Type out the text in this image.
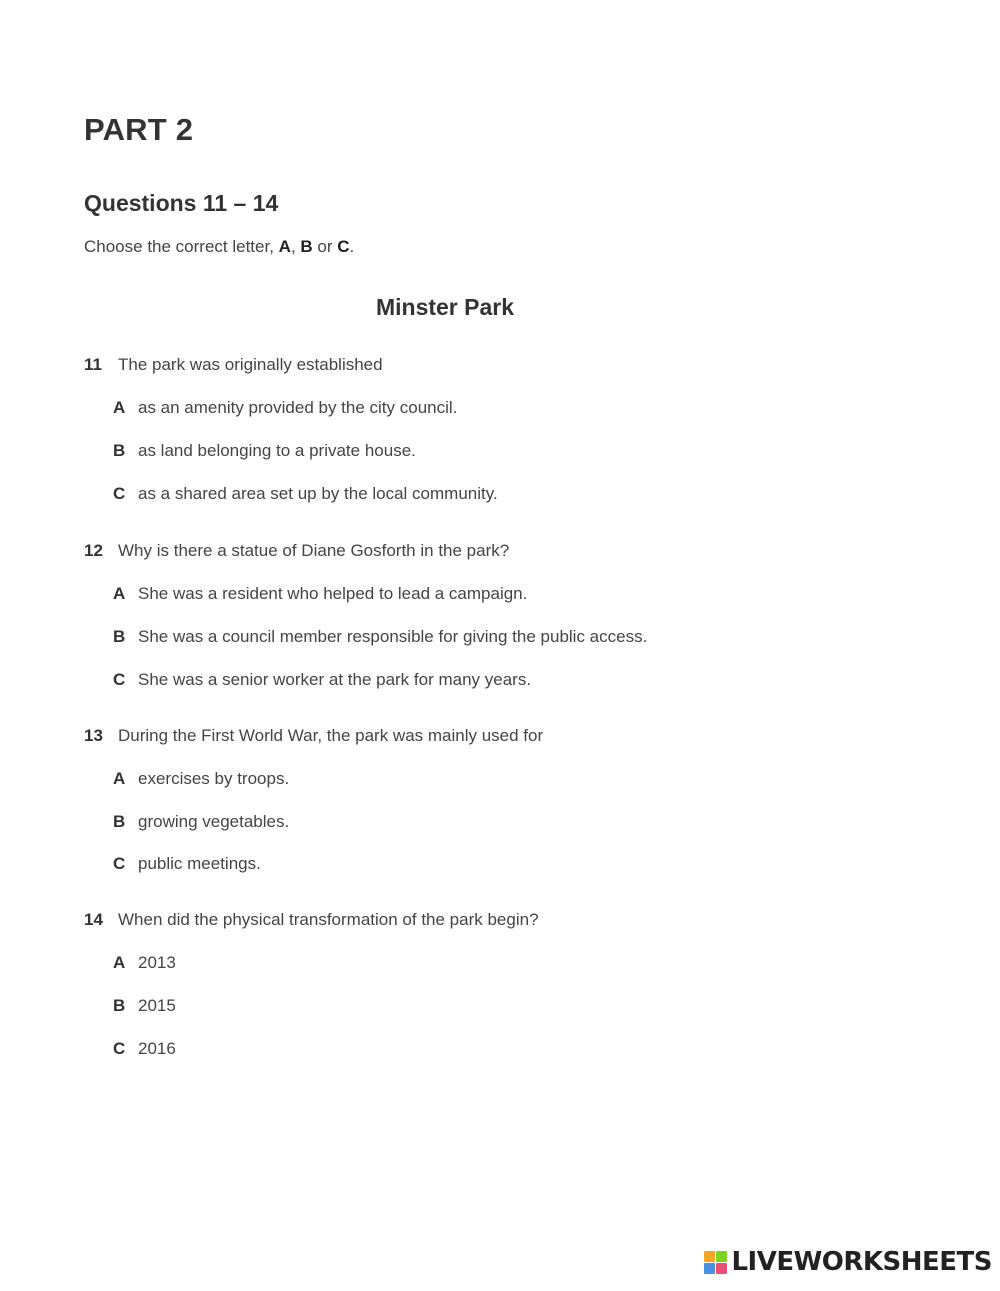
PART 2
Questions 11 – 14
Choose the correct letter, A, B or C.
Minster Park
11 The park was originally established
A as an amenity provided by the city council.
B as land belonging to a private house.
C as a shared area set up by the local community.
12 Why is there a statue of Diane Gosforth in the park?
A She was a resident who helped to lead a campaign.
B She was a council member responsible for giving the public access.
C She was a senior worker at the park for many years.
13 During the First World War, the park was mainly used for
A exercises by troops.
B growing vegetables.
C public meetings.
14 When did the physical transformation of the park begin?
A 2013
B 2015
C 2016
LIVEWORKSHEETS
